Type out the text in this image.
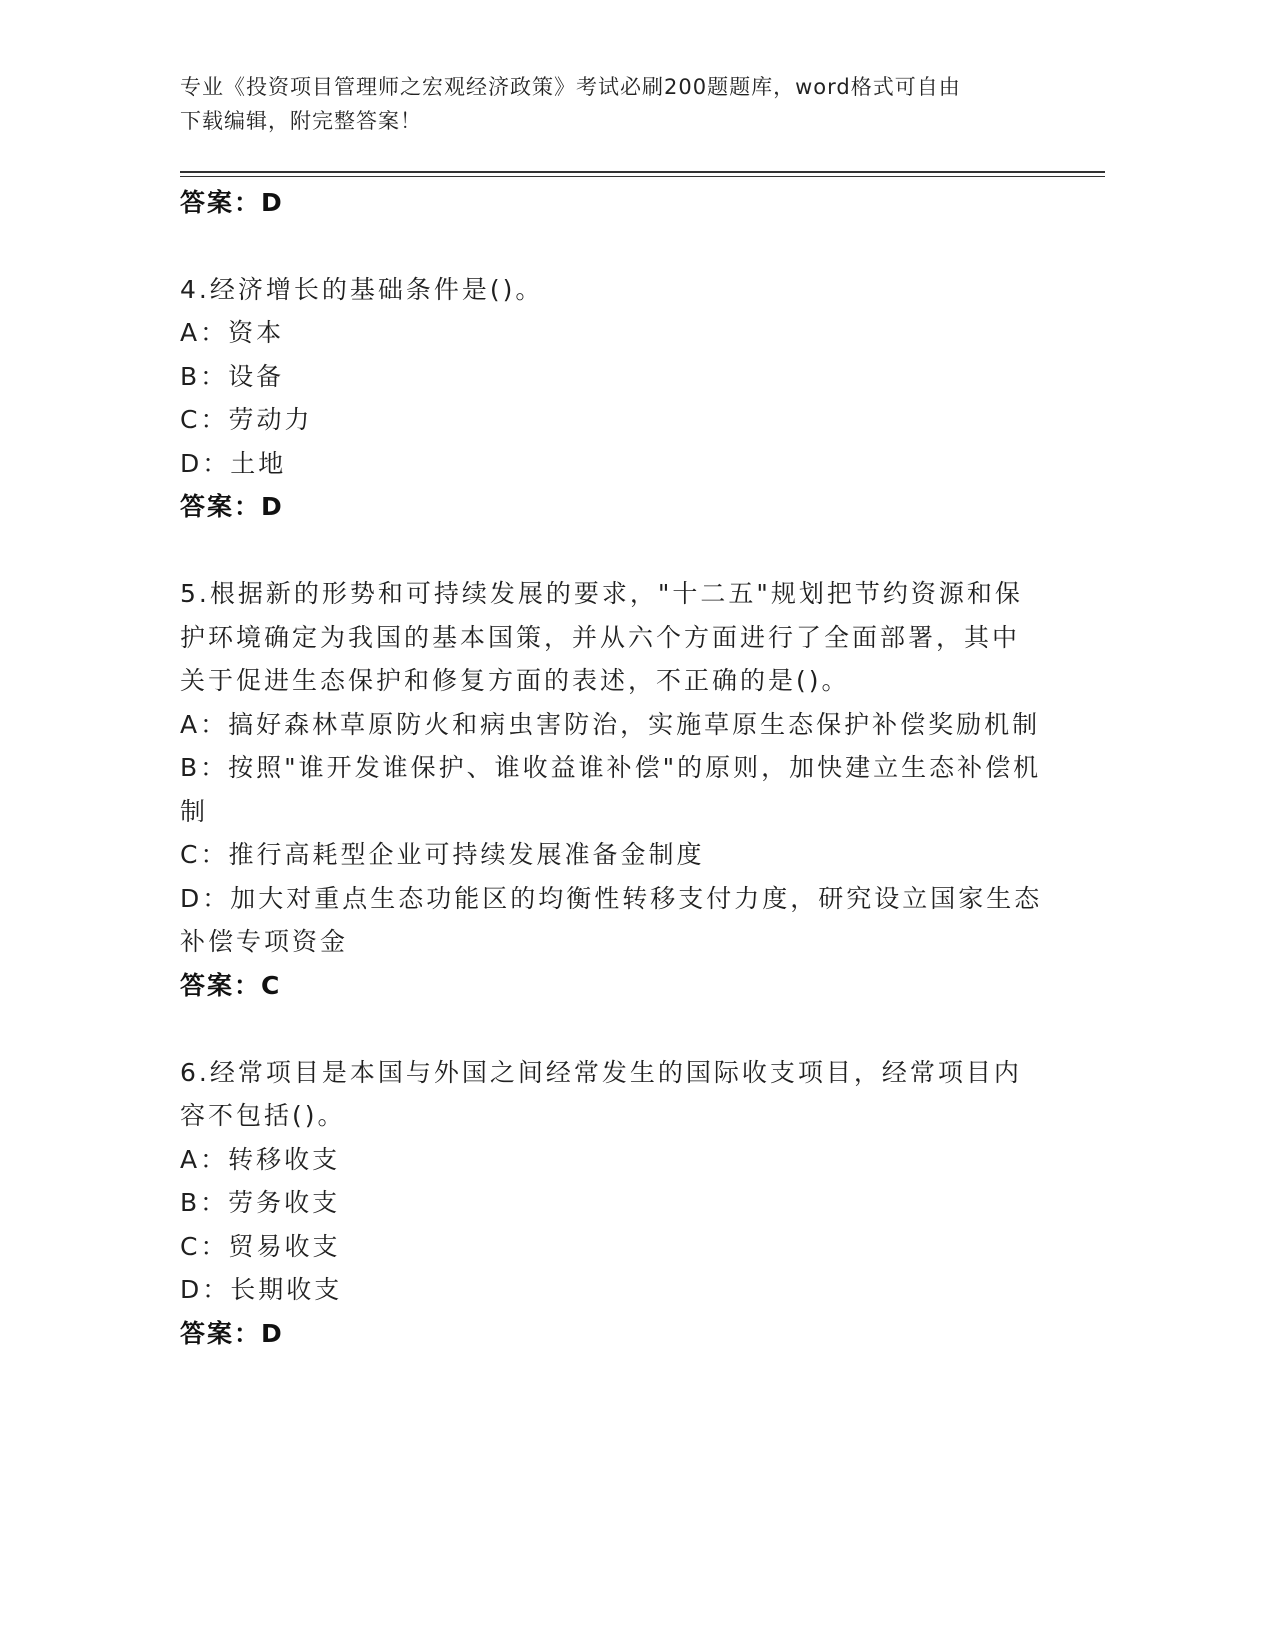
专业《投资项目管理师之宏观经济政策》考试必刷200题题库，word格式可自由
下载编辑，附完整答案！
答案：D
4.经济增长的基础条件是()。
A：资本
B：设备
C：劳动力
D：土地
答案：D
5.根据新的形势和可持续发展的要求，"十二五"规划把节约资源和保
护环境确定为我国的基本国策，并从六个方面进行了全面部署，其中
关于促进生态保护和修复方面的表述，不正确的是()。
A：搞好森林草原防火和病虫害防治，实施草原生态保护补偿奖励机制
B：按照"谁开发谁保护、谁收益谁补偿"的原则，加快建立生态补偿机
制
C：推行高耗型企业可持续发展准备金制度
D：加大对重点生态功能区的均衡性转移支付力度，研究设立国家生态
补偿专项资金
答案：C
6.经常项目是本国与外国之间经常发生的国际收支项目，经常项目内
容不包括()。
A：转移收支
B：劳务收支
C：贸易收支
D：长期收支
答案：D
